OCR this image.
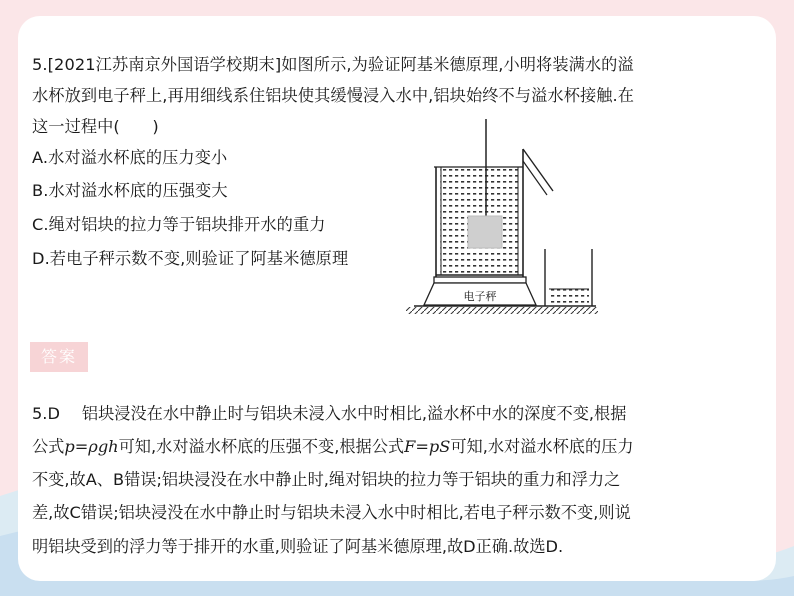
5.[2021江苏南京外国语学校期末]如图所示,为验证阿基米德原理,小明将装满水的溢
水杯放到电子秤上,再用细线系住铝块使其缓慢浸入水中,铝块始终不与溢水杯接触.在
这一过程中(　　)
A.水对溢水杯底的压力变小
B.水对溢水杯底的压强变大
C.绳对铝块的拉力等于铝块排开水的重力
D.若电子秤示数不变,则验证了阿基米德原理
电子秤
答案
5.D 铝块浸没在水中静止时与铝块未浸入水中时相比,溢水杯中水的深度不变,根据
公式p=ρgh可知,水对溢水杯底的压强不变,根据公式F=pS可知,水对溢水杯底的压力
不变,故A、B错误;铝块浸没在水中静止时,绳对铝块的拉力等于铝块的重力和浮力之
差,故C错误;铝块浸没在水中静止时与铝块未浸入水中时相比,若电子秤示数不变,则说
明铝块受到的浮力等于排开的水重,则验证了阿基米德原理,故D正确.故选D.
